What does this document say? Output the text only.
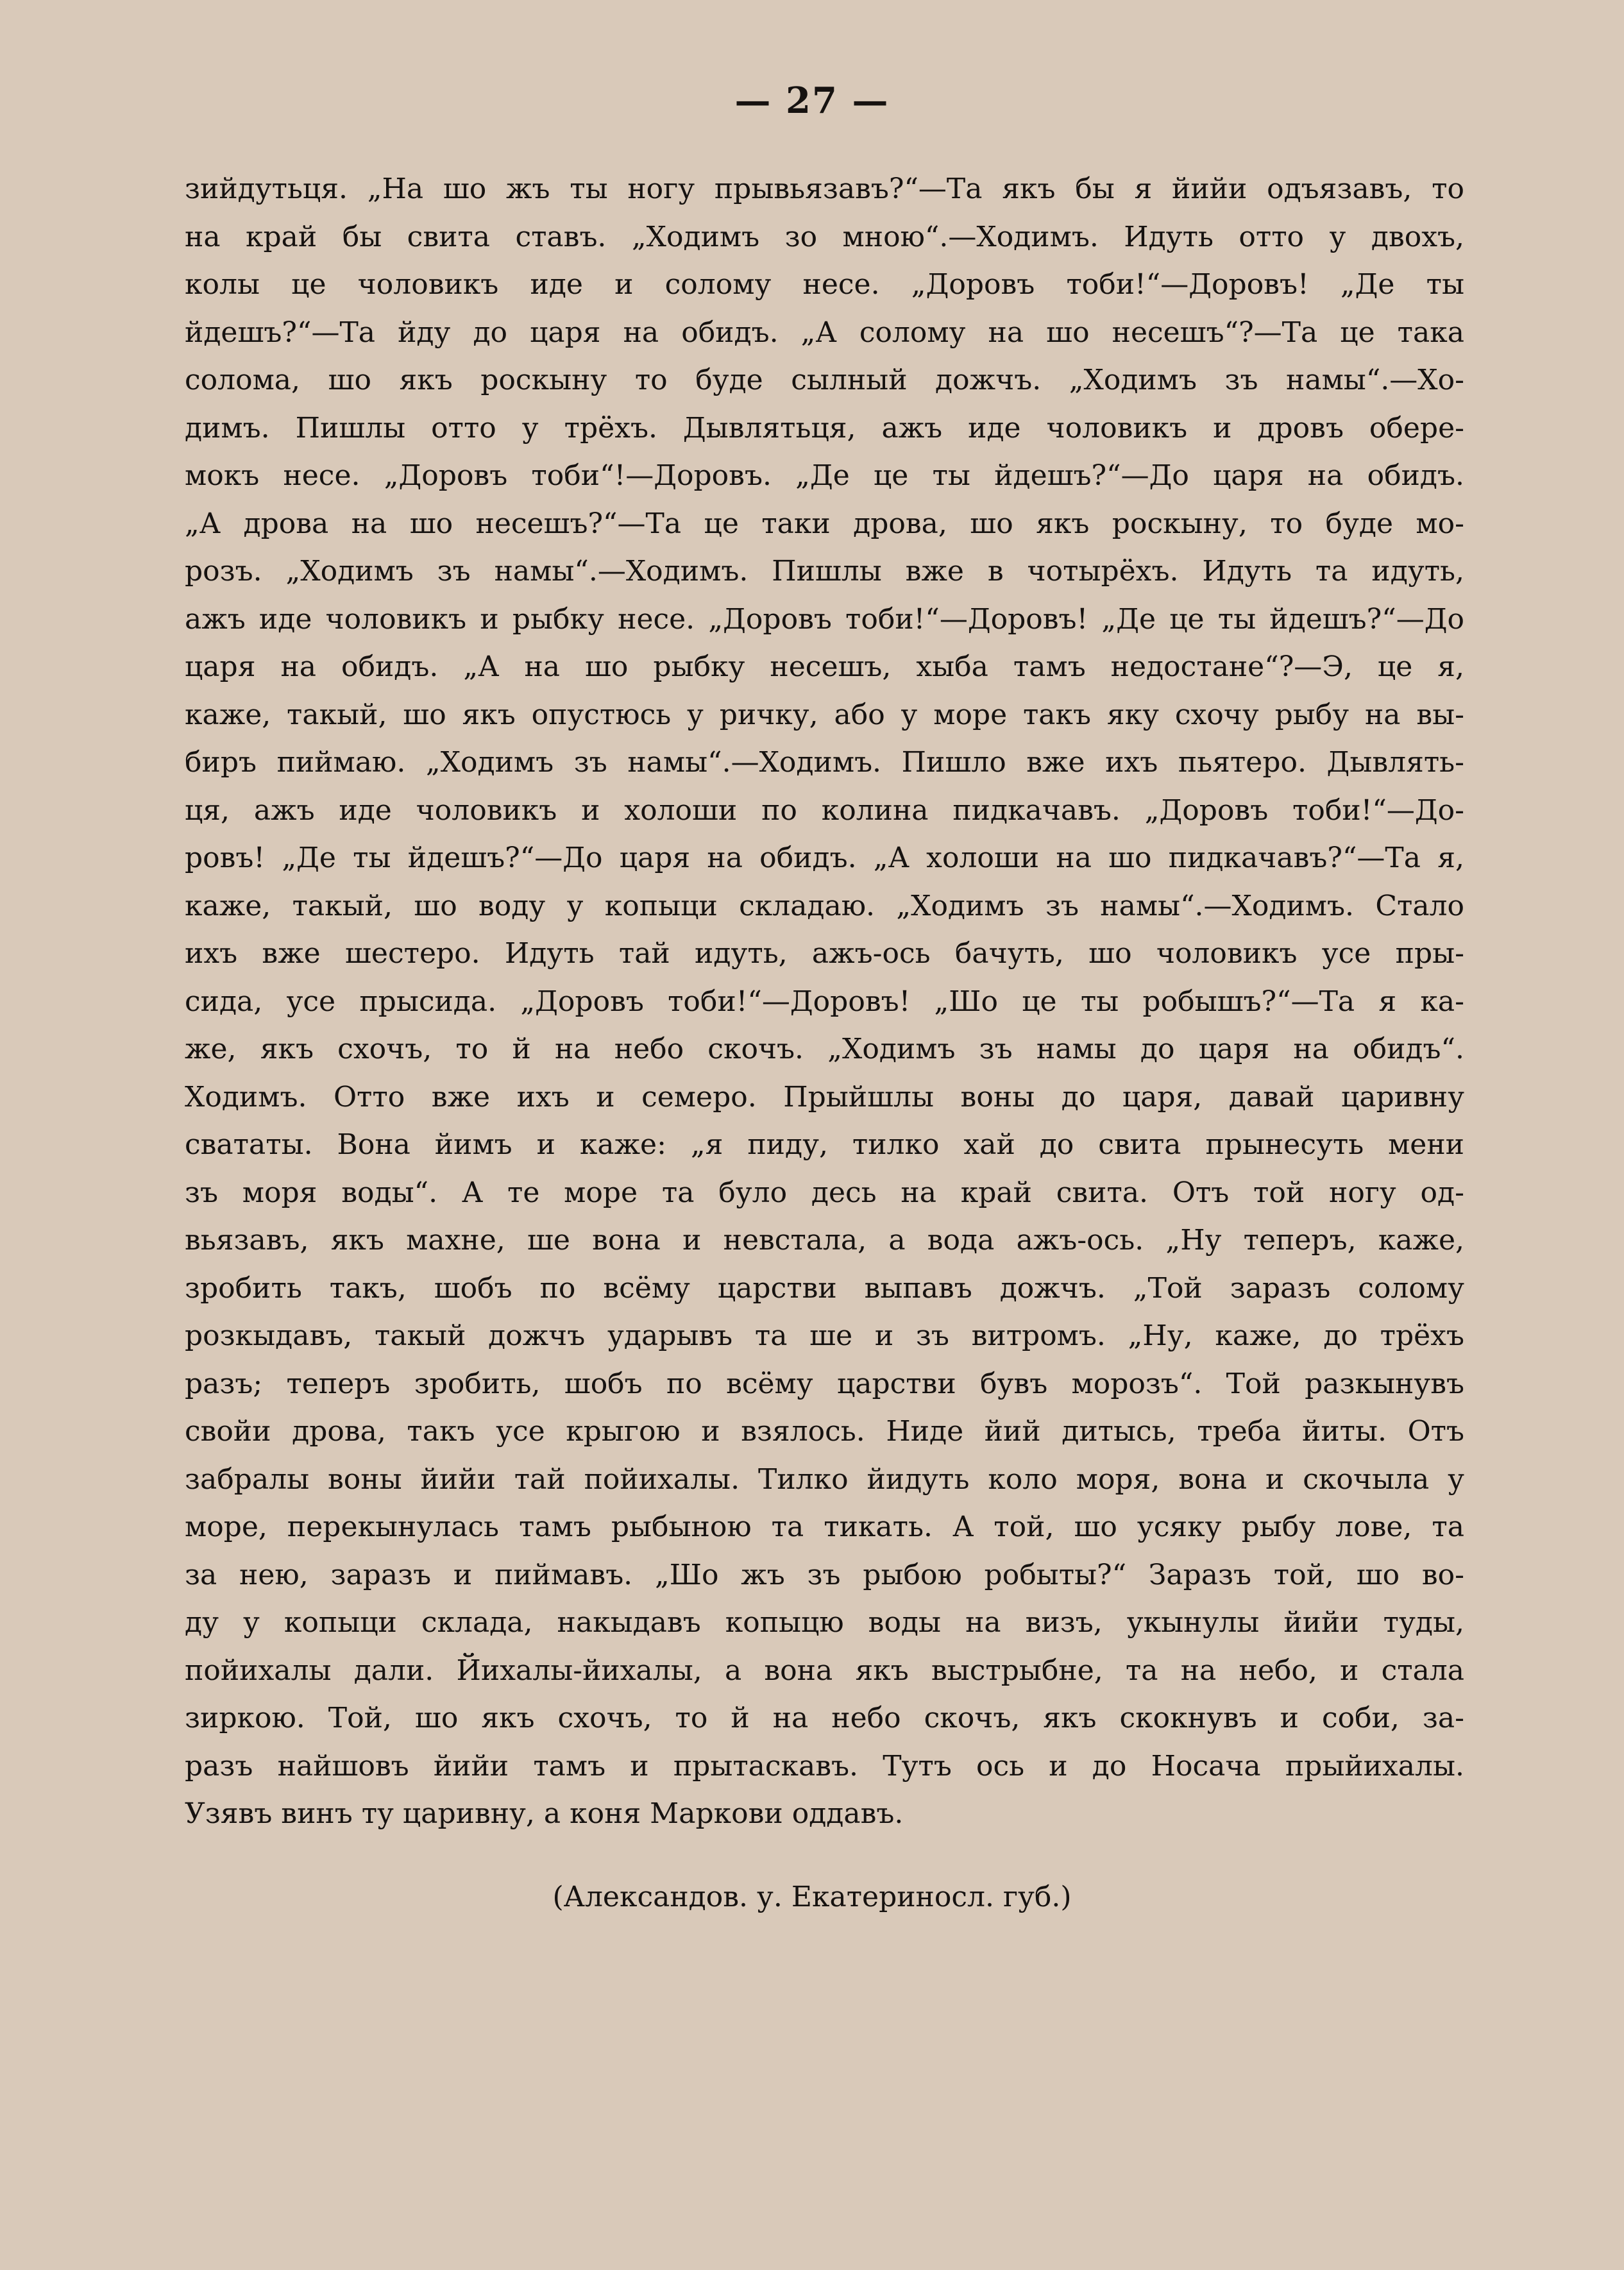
— 27 —
зийдутьця. „На шо жъ ты ногу прывьязавъ?“—Та якъ бы я йийи одъязавъ, то
на край бы свита ставъ. „Ходимъ зо мною“.—Ходимъ. Идуть отто у двохъ,
колы це чоловикъ иде и солому несе. „Доровъ тоби!“—Доровъ! „Де ты
йдешъ?“—Та йду до царя на обидъ. „А солому на шо несешъ“?—Та це така
солома, шо якъ роскыну то буде сылный дожчъ. „Ходимъ зъ намы“.—Хо-
димъ. Пишлы отто у трёхъ. Дывлятьця, ажъ иде чоловикъ и дровъ обере-
мокъ несе. „Доровъ тоби“!—Доровъ. „Де це ты йдешъ?“—До царя на обидъ.
„А дрова на шо несешъ?“—Та це таки дрова, шо якъ роскыну, то буде мо-
розъ. „Ходимъ зъ намы“.—Ходимъ. Пишлы вже в чотырёхъ. Идуть та идуть,
ажъ иде чоловикъ и рыбку несе. „Доровъ тоби!“—Доровъ! „Де це ты йдешъ?“—До
царя на обидъ. „А на шо рыбку несешъ, хыба тамъ недостане“?—Э, це я,
каже, такый, шо якъ опустюсь у ричку, або у море такъ яку схочу рыбу на вы-
биръ пиймаю. „Ходимъ зъ намы“.—Ходимъ. Пишло вже ихъ пьятеро. Дывлять-
ця, ажъ иде чоловикъ и холоши по колина пидкачавъ. „Доровъ тоби!“—До-
ровъ! „Де ты йдешъ?“—До царя на обидъ. „А холоши на шо пидкачавъ?“—Та я,
каже, такый, шо воду у копыци складаю. „Ходимъ зъ намы“.—Ходимъ. Стало
ихъ вже шестеро. Идуть тай идуть, ажъ-ось бачуть, шо чоловикъ усе пры-
сида, усе прысида. „Доровъ тоби!“—Доровъ! „Шо це ты робышъ?“—Та я ка-
же, якъ схочъ, то й на небо скочъ. „Ходимъ зъ намы до царя на обидъ“.
Ходимъ. Отто вже ихъ и семеро. Прыйшлы воны до царя, давай царивну
свататы. Вона йимъ и каже: „я пиду, тилко хай до свита прынесуть мени
зъ моря воды“. А те море та було десь на край свита. Отъ той ногу од-
вьязавъ, якъ махне, ше вона и невстала, а вода ажъ-ось. „Ну теперъ, каже,
зробить такъ, шобъ по всёму царстви выпавъ дожчъ. „Той заразъ солому
розкыдавъ, такый дожчъ ударывъ та ше и зъ витромъ. „Ну, каже, до трёхъ
разъ; теперъ зробить, шобъ по всёму царстви бувъ морозъ“. Той разкынувъ
свойи дрова, такъ усе крыгою и взялось. Ниде йий дитысь, треба йиты. Отъ
забралы воны йийи тай пойихалы. Тилко йидуть коло моря, вона и скочыла у
море, перекынулась тамъ рыбыною та тикать. А той, шо усяку рыбу лове, та
за нею, заразъ и пиймавъ. „Шо жъ зъ рыбою робыты?“ Заразъ той, шо во-
ду у копыци склада, накыдавъ копыцю воды на визъ, укынулы йийи туды,
пойихалы дали. Йихалы-йихалы, а вона якъ выстрыбне, та на небо, и стала
зиркою. Той, шо якъ схочъ, то й на небо скочъ, якъ скокнувъ и соби, за-
разъ найшовъ йийи тамъ и прытаскавъ. Тутъ ось и до Носача прыйихалы.
Узявъ винъ ту царивну, а коня Маркови оддавъ.
(Александов. у. Екатериносл. губ.)
